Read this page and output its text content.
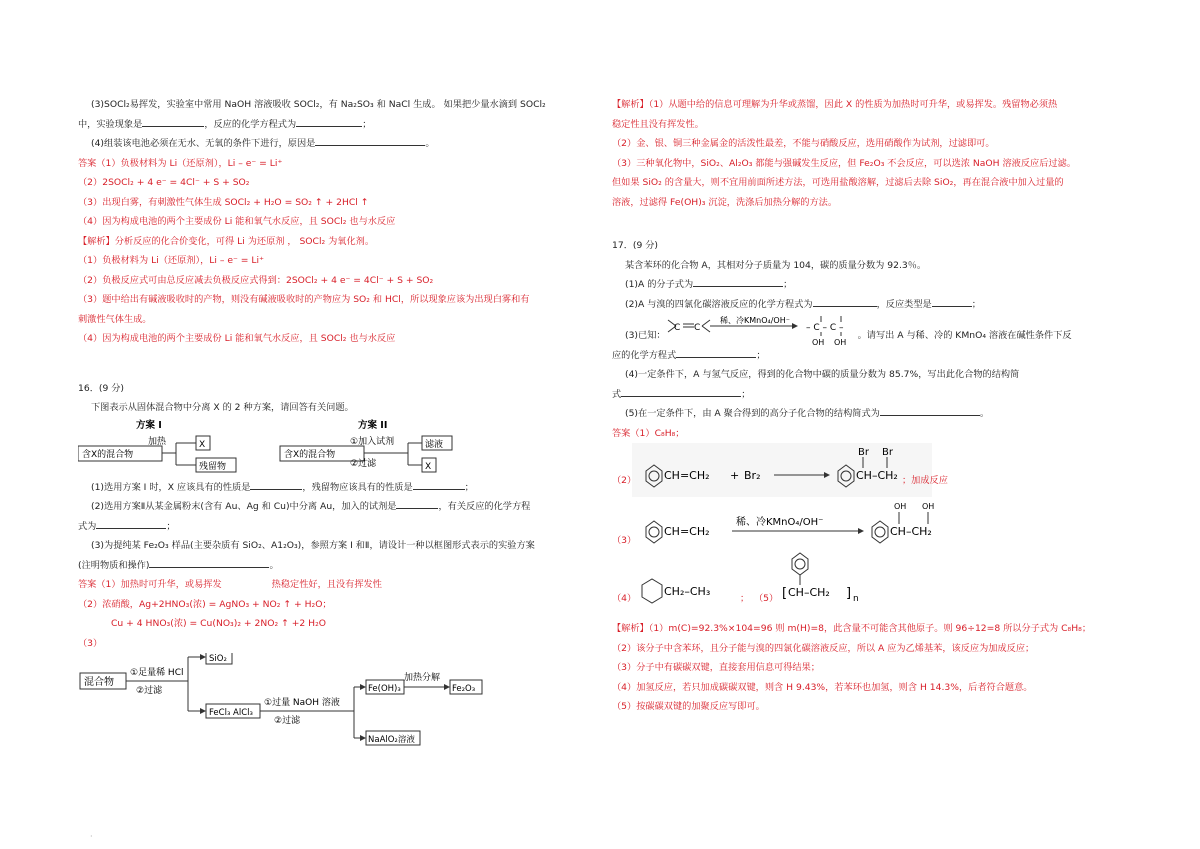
(3)SOCl₂易挥发，实验室中常用 NaOH 溶液吸收 SOCl₂，有 Na₂SO₃ 和 NaCl 生成。 如果把少量水滴到 SOCl₂
中，实验现象是	，反应的化学方程式为	；
(4)组装该电池必须在无水、无氧的条件下进行，原因是	。
答案（1）负极材料为 Li（还原剂），Li – e⁻ = Li⁺
（2）2SOCl₂ + 4 e⁻ = 4Cl⁻ + S + SO₂
（3）出现白雾，有刺激性气体生成 SOCl₂ + H₂O = SO₂ ↑ + 2HCl ↑
（4）因为构成电池的两个主要成份 Li 能和氧气水反应，且 SOCl₂ 也与水反应
【解析】分析反应的化合价变化，可得 Li 为还原剂 ， SOCl₂ 为氧化剂。
（1）负极材料为 Li（还原剂），Li – e⁻ = Li⁺
（2）负极反应式可由总反应减去负极反应式得到：2SOCl₂ + 4 e⁻ = 4Cl⁻ + S + SO₂
（3）题中给出有碱液吸收时的产物，则没有碱液吸收时的产物应为 SO₂ 和 HCl，所以现象应该为出现白雾和有
刺激性气体生成。
（4）因为构成电池的两个主要成份 Li 能和氧气水反应，且 SOCl₂ 也与水反应
16．(9 分)
下图表示从固体混合物中分离 X 的 2 种方案，请回答有关问题。
方案 I
含X的混合物
加热	X
残留物
方案 II
含X的混合物
①加入试剂
②过滤
滤液
X
(1)选用方案 I 时，X 应该具有的性质是	，残留物应该具有的性质是	；
(2)选用方案Ⅱ从某金属粉末(含有 Au、Ag 和 Cu)中分离 Au，加入的试剂是	，有关反应的化学方程
式为	；
(3)为提纯某 Fe₂O₃ 样品(主要杂质有 SiO₂、A1₂O₃)，参照方案 I 和Ⅱ，请设计一种以框图形式表示的实验方案
(注明物质和操作)	。
答案（1）加热时可升华，或易挥发	热稳定性好，且没有挥发性
（2）浓硝酸，Ag+2HNO₃(浓) = AgNO₃ + NO₂ ↑ + H₂O；
Cu + 4 HNO₃(浓) = Cu(NO₃)₂ + 2NO₂ ↑ +2 H₂O
（3）
混合物
①足量稀 HCl
②过滤
SiO₂
FeCl₃ AlCl₃
①过量 NaOH 溶液
②过滤
Fe(OH)₃
加热分解
Fe₂O₃
NaAlO₂溶液
【解析】（1）从题中给的信息可理解为升华或蒸馏，因此 X 的性质为加热时可升华，或易挥发。残留物必须热
稳定性且没有挥发性。
（2）金、银、铜三种金属金的活泼性最差，不能与硝酸反应，选用硝酸作为试剂，过滤即可。
（3）三种氧化物中，SiO₂、Al₂O₃ 都能与强碱发生反应，但 Fe₂O₃ 不会反应，可以选浓 NaOH 溶液反应后过滤。
但如果 SiO₂ 的含量大，则不宜用前面所述方法，可选用盐酸溶解，过滤后去除 SiO₂，再在混合液中加入过量的
溶液，过滤得 Fe(OH)₃ 沉淀，洗涤后加热分解的方法。
17．(9 分)
某含苯环的化合物 A，其相对分子质量为 104，碳的质量分数为 92.3％。
(1)A 的分子式为	；
(2)A 与溴的四氯化碳溶液反应的化学方程式为	，反应类型是	；
C C
稀、冷KMnO₄/OH⁻
– C – C –
OH OH
(3)已知：	。请写出 A 与稀、冷的 KMnO₄ 溶液在碱性条件下反
应的化学方程式	；
(4)一定条件下，A 与氢气反应，得到的化合物中碳的质量分数为 85.7%，写出此化合物的结构简
式	；
(5)在一定条件下，由 A 聚合得到的高分子化合物的结构简式为	。
答案（1）C₈H₈；
（2）	CH=CH₂ + Br₂	CH–CH₂
Br Br
；加成反应
（3）
CH=CH₂
稀、冷KMnO₄/OH⁻
CH–CH₂
OH OH
（4）
CH₂–CH₃
； （5） [ CH–CH₂ ] n
【解析】（1）m(C)=92.3%×104=96 则 m(H)=8，此含量不可能含其他原子。则 96÷12=8 所以分子式为 C₈H₈；
（2）该分子中含苯环，且分子能与溴的四氯化碳溶液反应，所以 A 应为乙烯基苯，该反应为加成反应；
（3）分子中有碳碳双键，直接套用信息可得结果；
（4）加氢反应，若只加成碳碳双键，则含 H 9.43%，若苯环也加氢，则含 H 14.3%，后者符合题意。
（5）按碳碳双键的加聚反应写即可。
·
